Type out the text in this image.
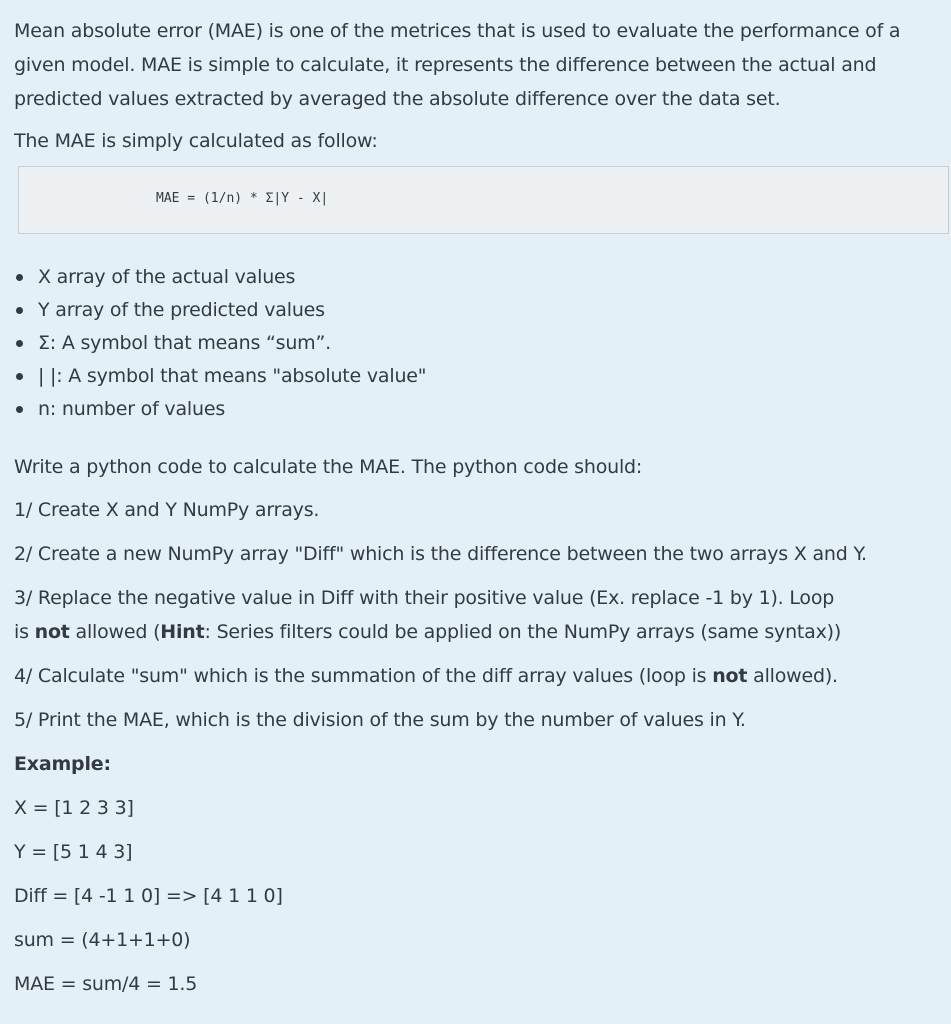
Mean absolute error (MAE) is one of the metrices that is used to evaluate the performance of a given model. MAE is simple to calculate, it represents the difference between the actual and predicted values extracted by averaged the absolute difference over the data set.

The MAE is simply calculated as follow:

MAE = (1/n) * Σ|Y - X|

X array of the actual values
Y array of the predicted values
Σ: A symbol that means “sum”.
| |: A symbol that means "absolute value"
n: number of values

Write a python code to calculate the MAE. The python code should:

1/ Create X and Y NumPy arrays.

2/ Create a new NumPy array "Diff" which is the difference between the two arrays X and Y.

3/ Replace the negative value in Diff with their positive value (Ex. replace -1 by 1). Loop

is not allowed (Hint: Series filters could be applied on the NumPy arrays (same syntax))

4/ Calculate "sum" which is the summation of the diff array values (loop is not allowed).

5/ Print the MAE, which is the division of the sum by the number of values in Y.

Example:

X = [1 2 3 3]

Y = [5 1 4 3]

Diff = [4 -1 1 0] => [4 1 1 0]

sum = (4+1+1+0)

MAE = sum/4 = 1.5
